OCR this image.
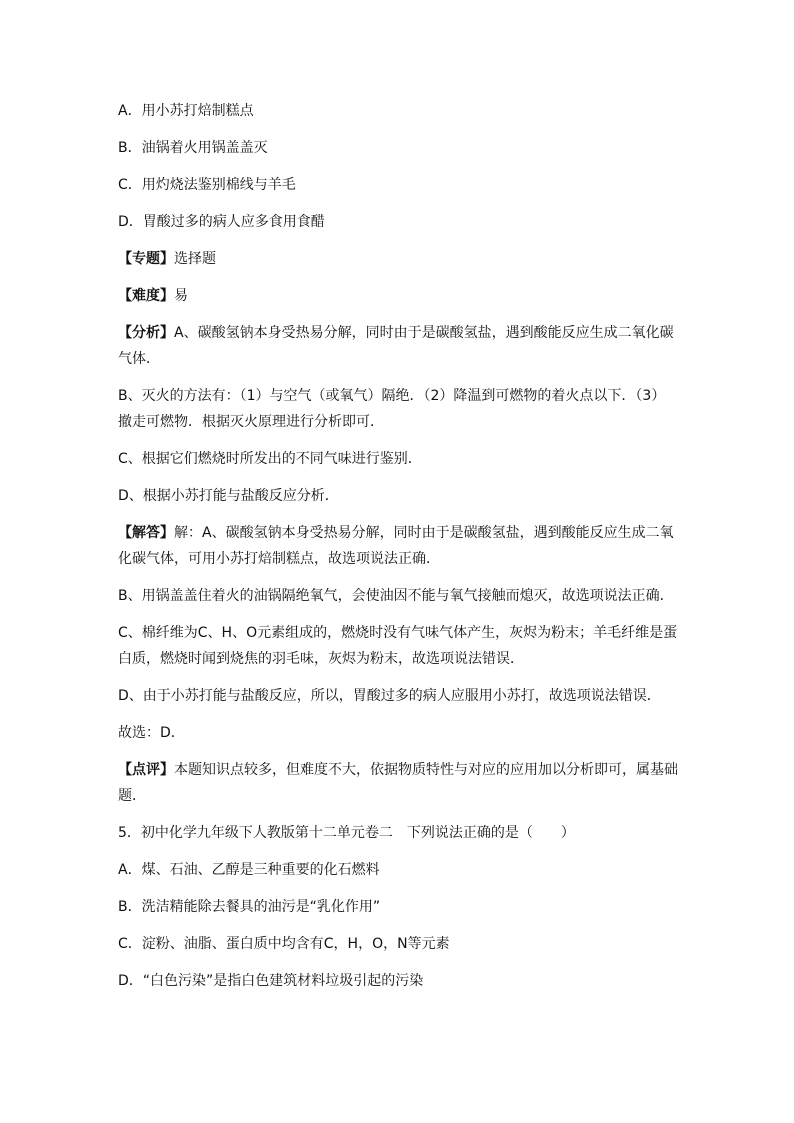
A．用小苏打焙制糕点

B．油锅着火用锅盖盖灭

C．用灼烧法鉴别棉线与羊毛

D．胃酸过多的病人应多食用食醋

【专题】选择题

【难度】易

【分析】A、碳酸氢钠本身受热易分解，同时由于是碳酸氢盐，遇到酸能反应生成二氧化碳气体．

B、灭火的方法有：（1）与空气（或氧气）隔绝．（2）降温到可燃物的着火点以下．（3）撤走可燃物．根据灭火原理进行分析即可．

C、根据它们燃烧时所发出的不同气味进行鉴别．

D、根据小苏打能与盐酸反应分析．

【解答】解：A、碳酸氢钠本身受热易分解，同时由于是碳酸氢盐，遇到酸能反应生成二氧化碳气体，可用小苏打焙制糕点，故选项说法正确．

B、用锅盖盖住着火的油锅隔绝氧气，会使油因不能与氧气接触而熄灭，故选项说法正确．

C、棉纤维为C、H、O元素组成的，燃烧时没有气味气体产生，灰烬为粉末；羊毛纤维是蛋白质，燃烧时闻到烧焦的羽毛味，灰烬为粉末，故选项说法错误．

D、由于小苏打能与盐酸反应，所以，胃酸过多的病人应服用小苏打，故选项说法错误．

故选：D．

【点评】本题知识点较多，但难度不大，依据物质特性与对应的应用加以分析即可，属基础题．

5．初中化学九年级下人教版第十二单元卷二　下列说法正确的是（　　）

A．煤、石油、乙醇是三种重要的化石燃料

B．洗洁精能除去餐具的油污是“乳化作用”

C．淀粉、油脂、蛋白质中均含有C，H，O，N等元素

D．“白色污染”是指白色建筑材料垃圾引起的污染
